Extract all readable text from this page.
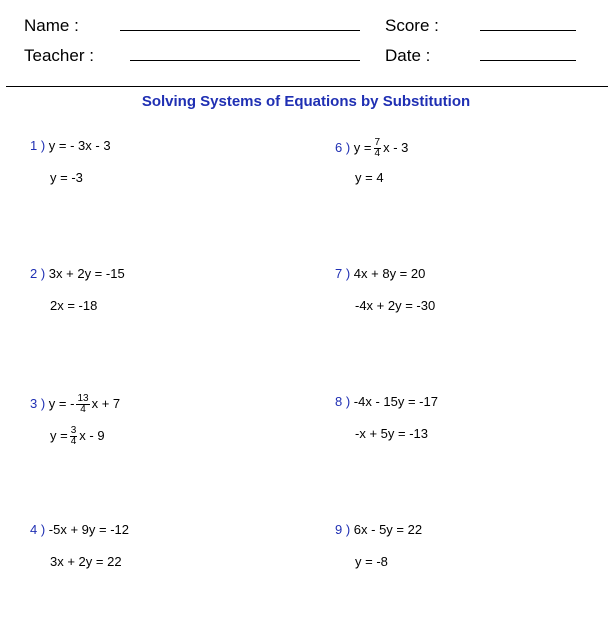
Name :	Score :
Teacher :	Date :
Solving Systems of Equations by Substitution
1 ) y = - 3x - 3
y = -3
2 ) 3x + 2y = -15
2x = -18
3 ) y = - $\frac{13}{4}$ x + 7
$y = \frac{3}{4}$ x - 9
4 ) -5x + 9y = -12
3x + 2y = 22
6 ) $y = \frac{7}{4}$ x - 3
y = 4
7 ) 4x + 8y = 20
-4x + 2y = -30
8 ) -4x - 15y = -17
-x + 5y = -13
9 ) 6x - 5y = 22
y = -8
